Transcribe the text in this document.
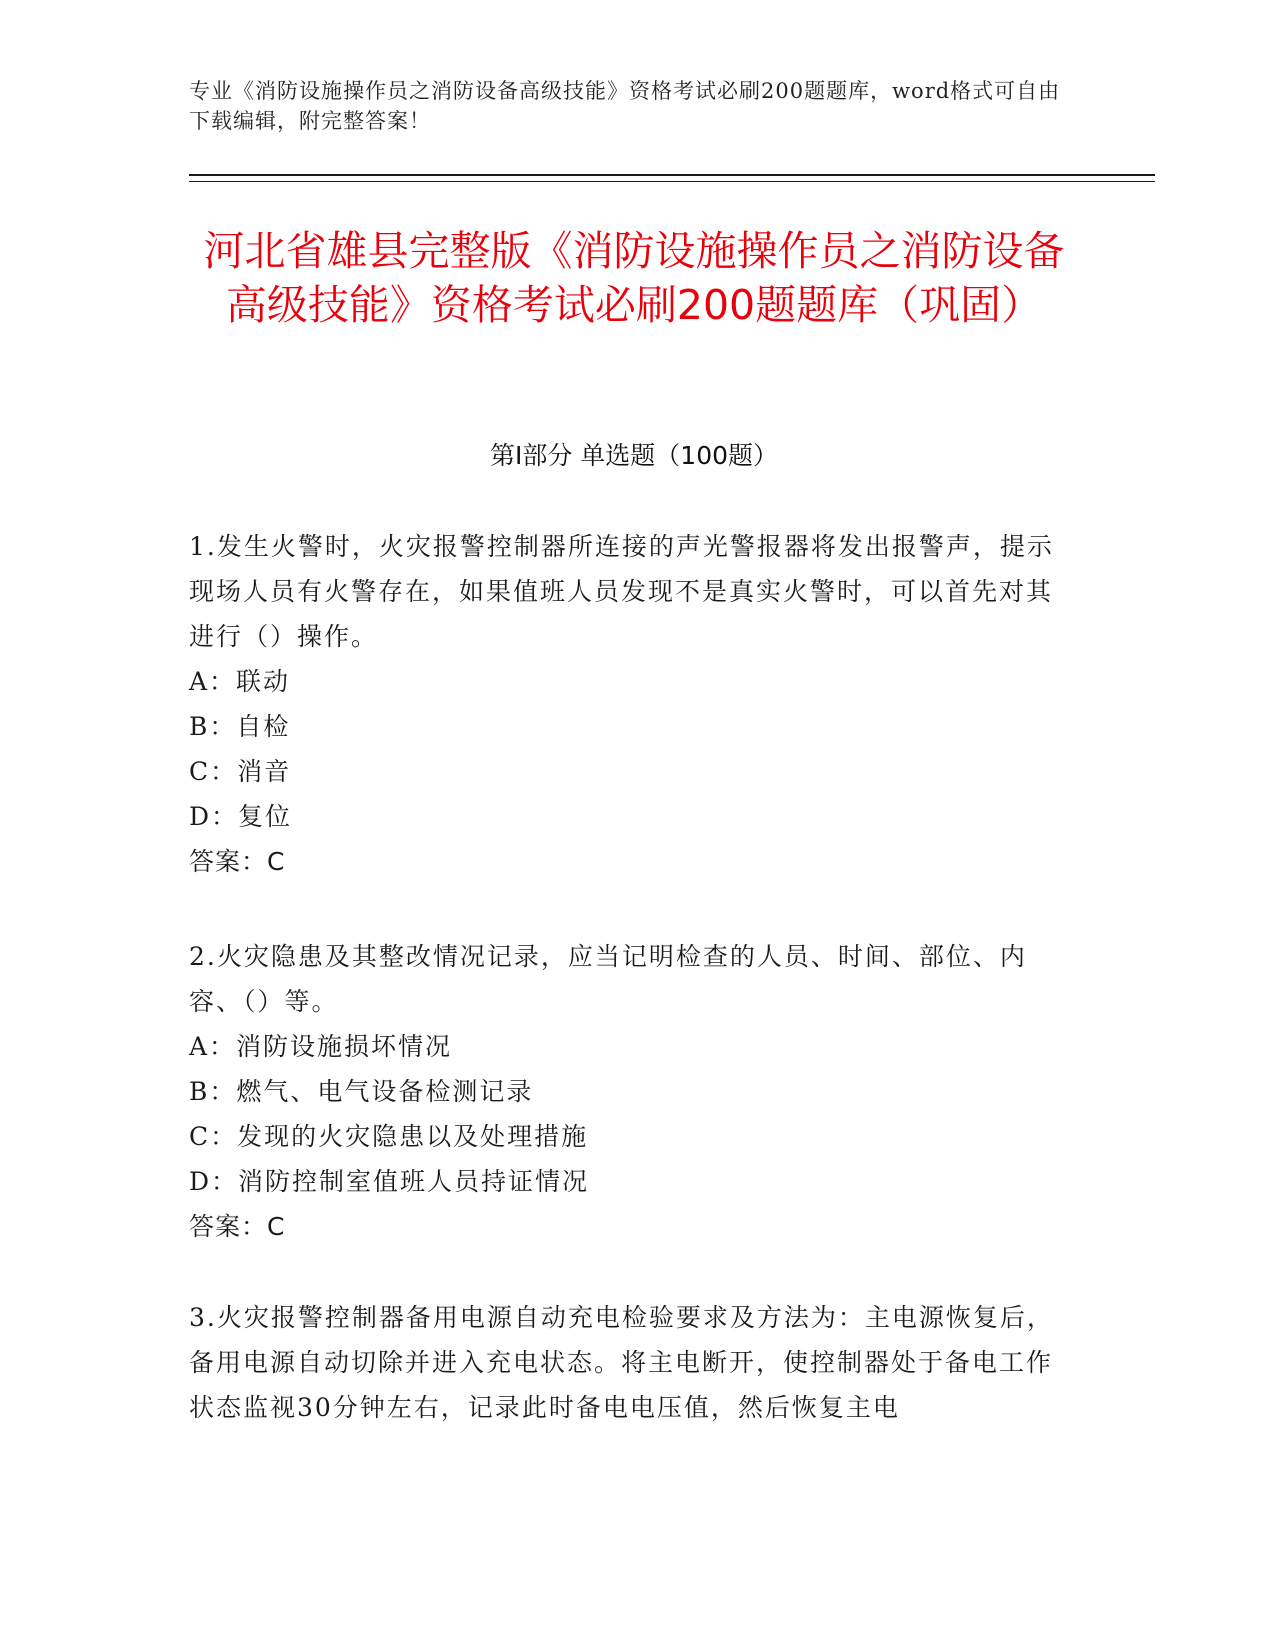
专业《消防设施操作员之消防设备高级技能》资格考试必刷200题题库，word格式可自由下载编辑，附完整答案！
河北省雄县完整版《消防设施操作员之消防设备高级技能》资格考试必刷200题题库（巩固）
第Ⅰ部分 单选题（100题）
1.发生火警时，火灾报警控制器所连接的声光警报器将发出报警声，提示现场人员有火警存在，如果值班人员发现不是真实火警时，可以首先对其进行（）操作。
A：联动
B：自检
C：消音
D：复位
答案：C
2.火灾隐患及其整改情况记录，应当记明检查的人员、时间、部位、内容、（）等。
A：消防设施损坏情况
B：燃气、电气设备检测记录
C：发现的火灾隐患以及处理措施
D：消防控制室值班人员持证情况
答案：C
3.火灾报警控制器备用电源自动充电检验要求及方法为：主电源恢复后，备用电源自动切除并进入充电状态。将主电断开，使控制器处于备电工作状态监视30分钟左右，记录此时备电电压值，然后恢复主电
